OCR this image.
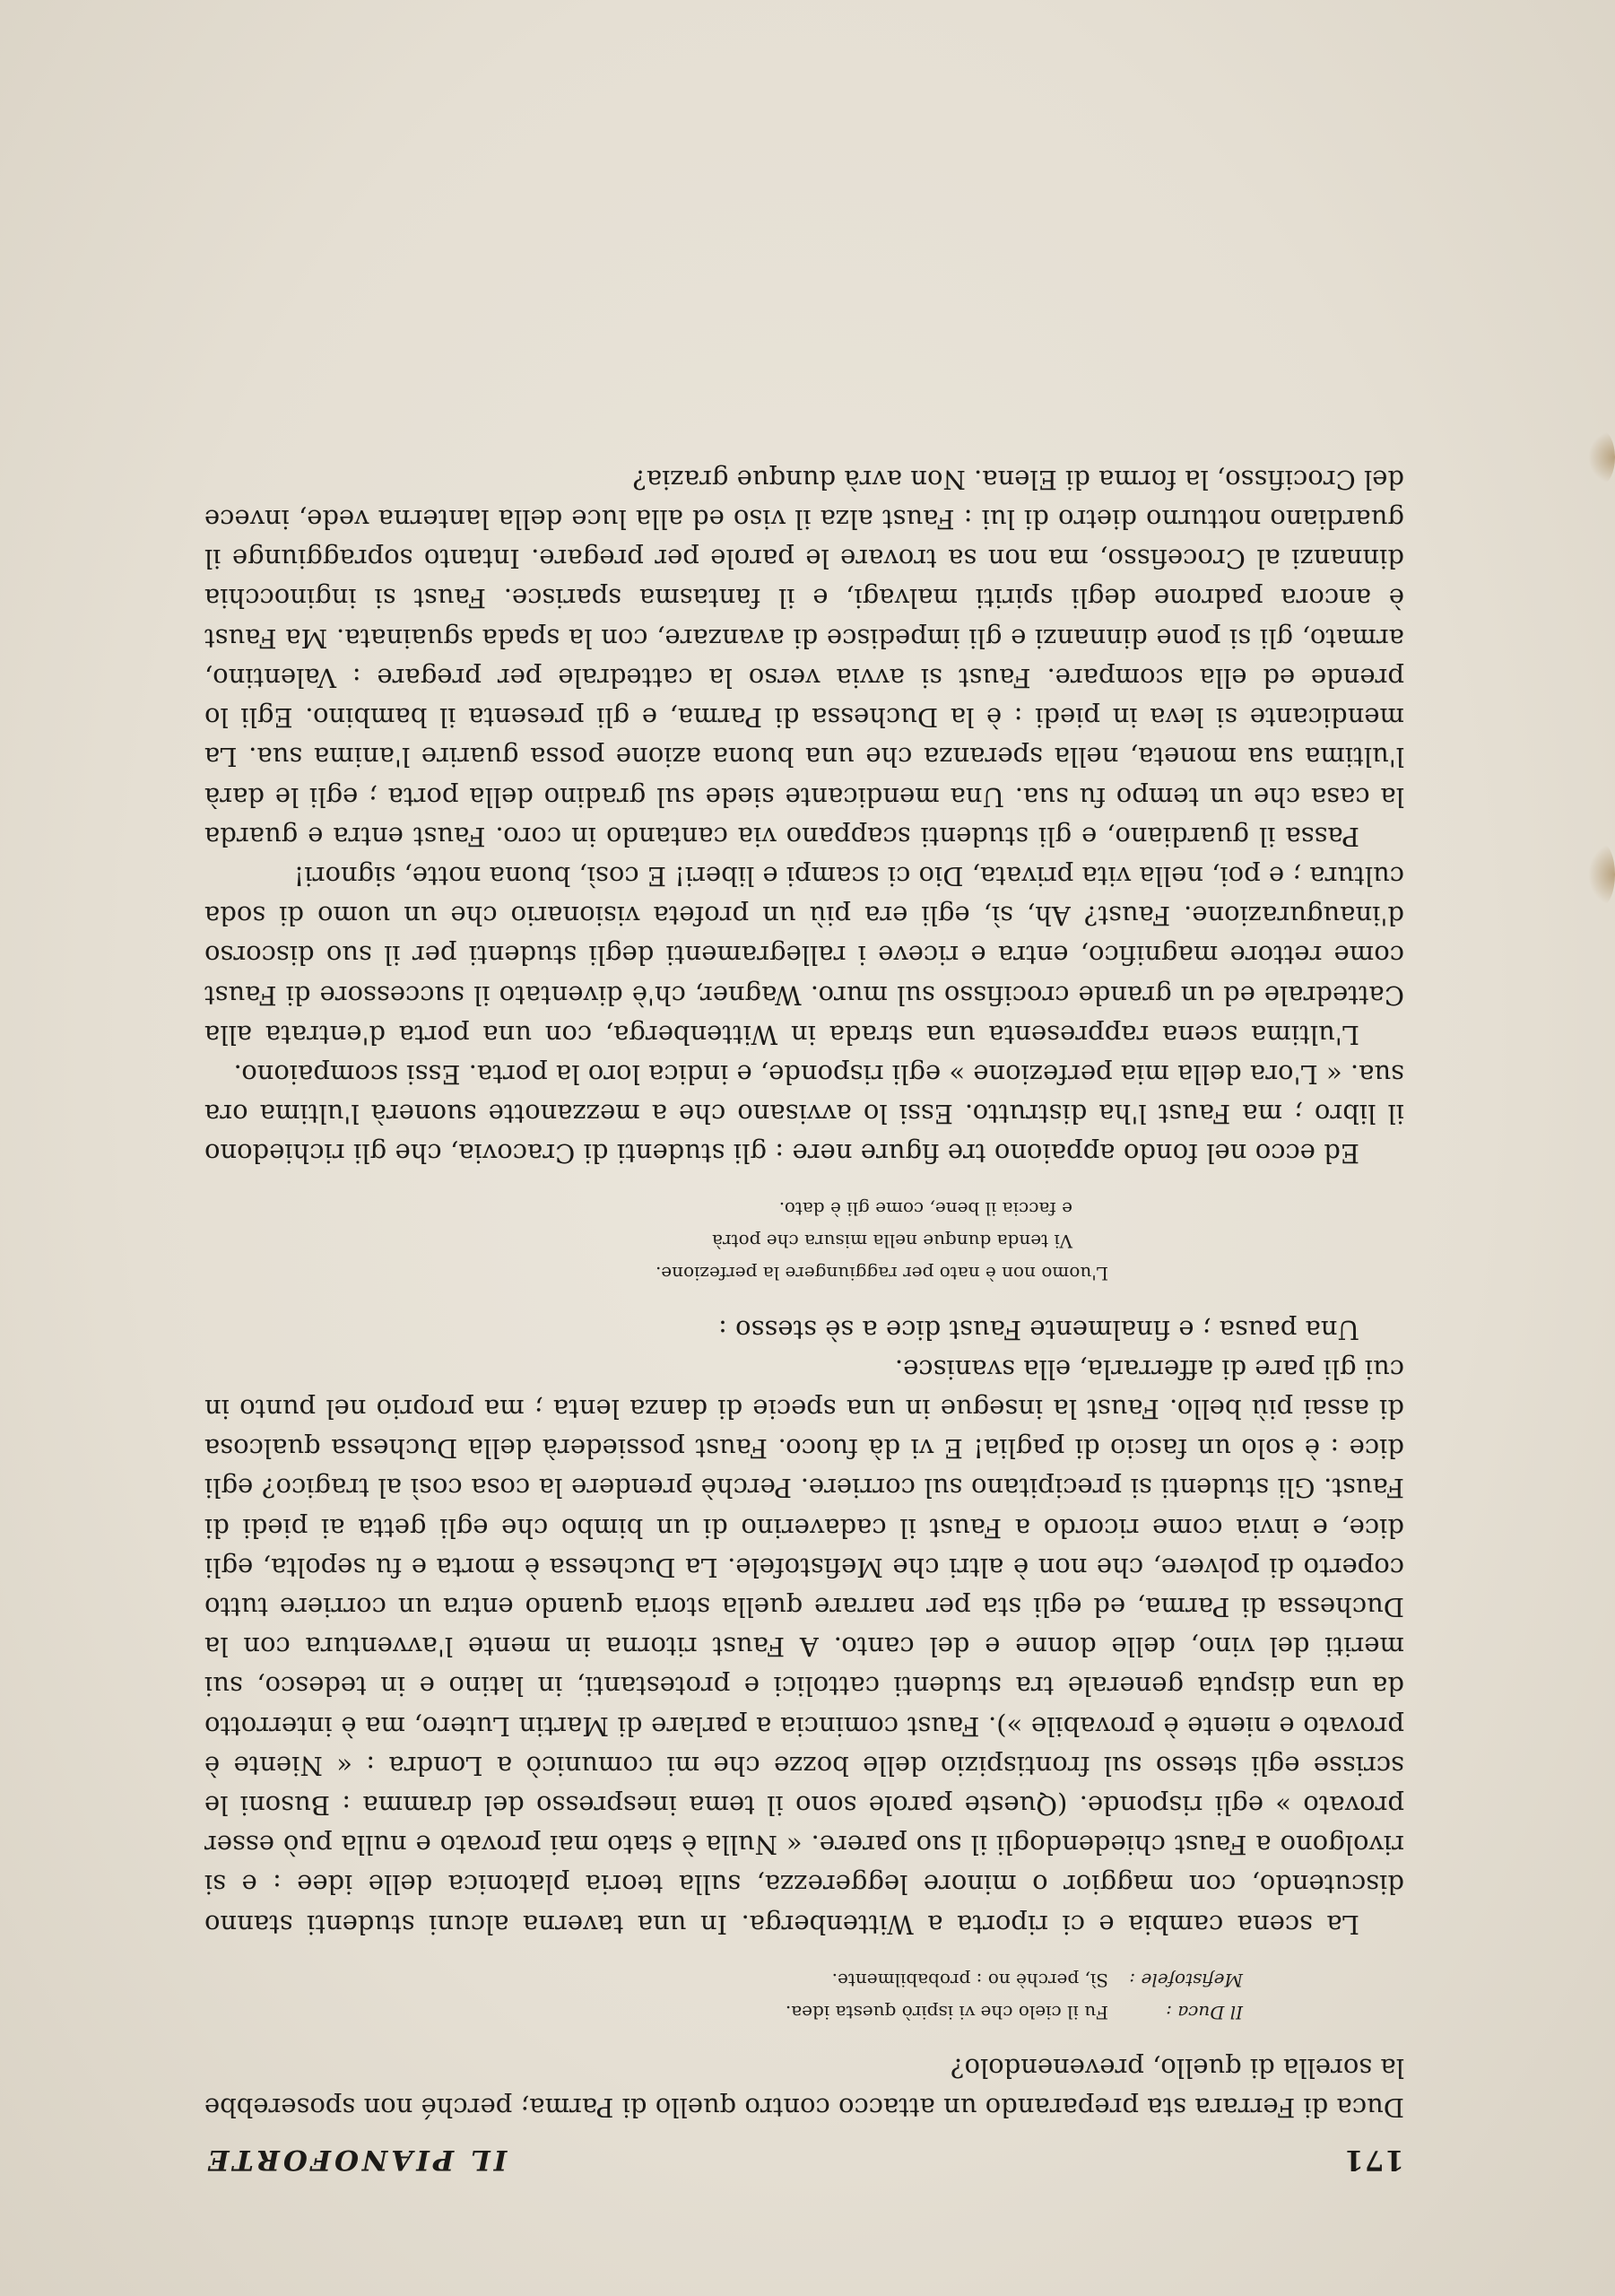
171
IL PIANOFORTE

Duca di Ferrara sta preparando un attacco contro quello di Parma; perché non sposerebbe la sorella di quello, prevenendolo?

Il Duca :Fu il cielo che vi ispirò questa idea.
Mefistofele :Sì, perchè no : probabilmente.

La scena cambia e ci riporta a Wittenberga. In una taverna alcuni studenti stanno discutendo, con maggior o minore leggerezza, sulla teoria platonica delle idee : e si rivolgono a Faust chiedendogli il suo parere. « Nulla è stato mai provato e nulla può esser provato » egli risponde. (Queste parole sono il tema inespresso del dramma : Busoni le scrisse egli stesso sul frontispizio delle bozze che mi comunicò a Londra : « Niente è provato e niente è provabile »). Faust comincia a parlare di Martin Lutero, ma è interrotto da una disputa generale tra studenti cattolici e protestanti, in latino e in tedesco, sui meriti del vino, delle donne e del canto. A Faust ritorna in mente l'avventura con la Duchessa di Parma, ed egli sta per narrare quella storia quando entra un corriere tutto coperto di polvere, che non è altri che Mefistofele. La Duchessa è morta e fu sepolta, egli dice, e invia come ricordo a Faust il cadaverino di un bimbo che egli getta ai piedi di Faust. Gli studenti si precipitano sul corriere. Perchè prendere la cosa così al tragico? egli dice : è solo un fascio di paglia! E vi dà fuoco. Faust possiederà della Duchessa qualcosa di assai più bello. Faust la insegue in una specie di danza lenta ; ma proprio nel punto in cui gli pare di afferrarla, ella svanisce.

Una pausa ; e finalmente Faust dice a sè stesso :

L'uomo non è nato per raggiungere la perfezione.
Vi tenda dunque nella misura che potrà
e faccia il bene, come gli è dato.

Ed ecco nel fondo appaiono tre figure nere : gli studenti di Cracovia, che gli richiedono il libro ; ma Faust l'ha distrutto. Essi lo avvisano che a mezzanotte suonerà l'ultima ora sua. « L'ora della mia perfezione » egli risponde, e indica loro la porta. Essi scompaiono.

L'ultima scena rappresenta una strada in Wittenberga, con una porta d'entrata alla Cattedrale ed un grande crocifisso sul muro. Wagner, ch'è diventato il successore di Faust come rettore magnifico, entra e riceve i rallegramenti degli studenti per il suo discorso d'inaugurazione. Faust? Ah, sì, egli era più un profeta visionario che un uomo di soda cultura ; e poi, nella vita privata, Dio ci scampi e liberi! E così, buona notte, signori!

Passa il guardiano, e gli studenti scappano via cantando in coro. Faust entra e guarda la casa che un tempo fu sua. Una mendicante siede sul gradino della porta ; egli le darà l'ultima sua moneta, nella speranza che una buona azione possa guarire l'anima sua. La mendicante si leva in piedi : è la Duchessa di Parma, e gli presenta il bambino. Egli lo prende ed ella scompare. Faust si avvia verso la cattedrale per pregare : Valentino, armato, gli si pone dinnanzi e gli impedisce di avanzare, con la spada sguainata. Ma Faust è ancora padrone degli spiriti malvagi, e il fantasma sparisce. Faust si inginocchia dinnanzi al Crocefisso, ma non sa trovare le parole per pregare. Intanto sopraggiunge il guardiano notturno dietro di lui : Faust alza il viso ed alla luce della lanterna vede, invece del Crocifisso, la forma di Elena. Non avrà dunque grazia?
